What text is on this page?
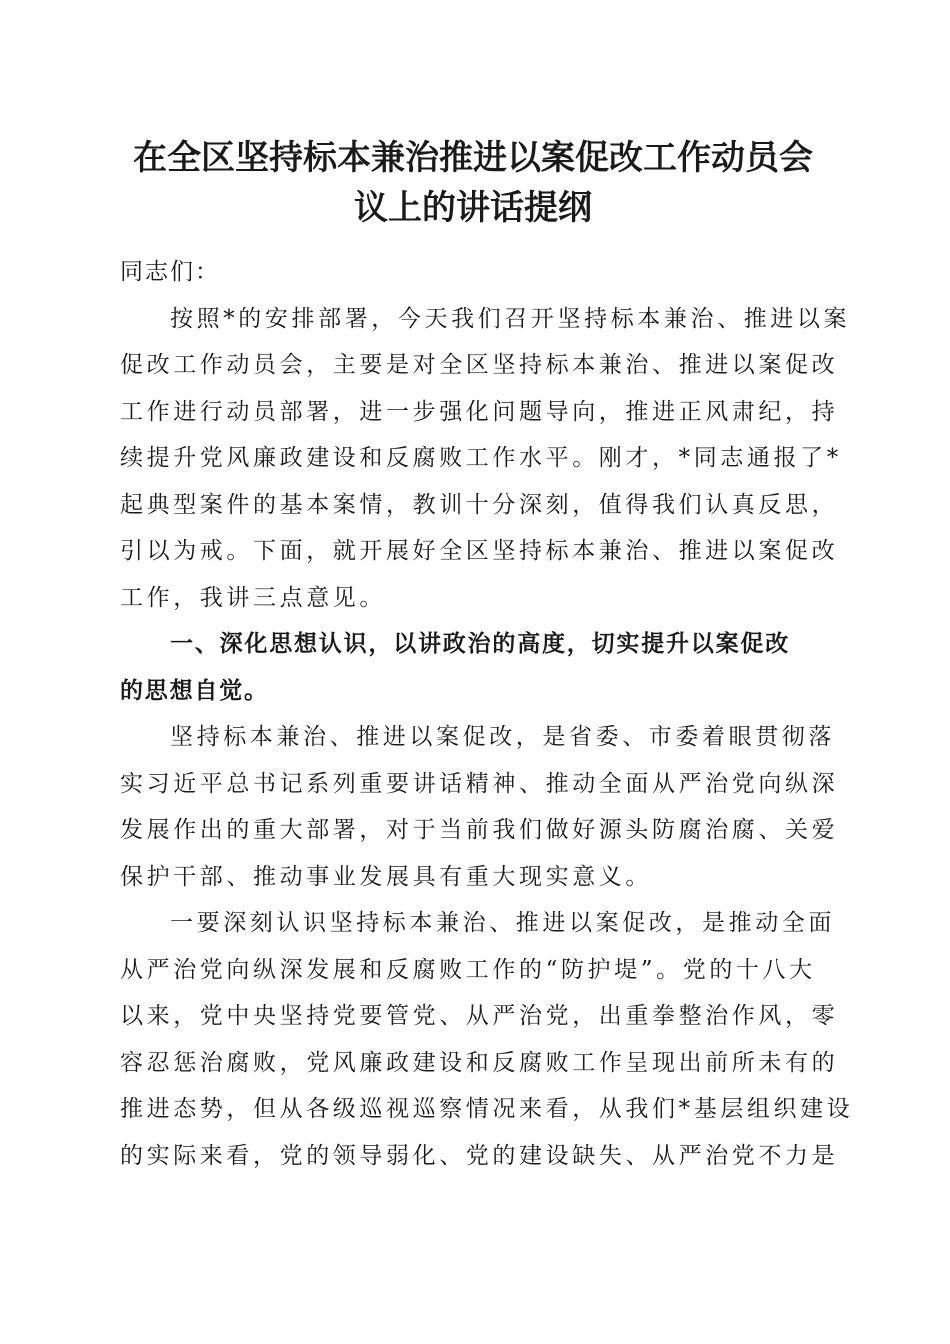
在全区坚持标本兼治推进以案促改工作动员会
议上的讲话提纲

同志们：

按照*的安排部署，今天我们召开坚持标本兼治、推进以案
促改工作动员会，主要是对全区坚持标本兼治、推进以案促改
工作进行动员部署，进一步强化问题导向，推进正风肃纪，持
续提升党风廉政建设和反腐败工作水平。刚才，*同志通报了*
起典型案件的基本案情，教训十分深刻，值得我们认真反思，
引以为戒。下面，就开展好全区坚持标本兼治、推进以案促改
工作，我讲三点意见。

一、深化思想认识，以讲政治的高度，切实提升以案促改
的思想自觉。

坚持标本兼治、推进以案促改，是省委、市委着眼贯彻落
实习近平总书记系列重要讲话精神、推动全面从严治党向纵深
发展作出的重大部署，对于当前我们做好源头防腐治腐、关爱
保护干部、推动事业发展具有重大现实意义。

一要深刻认识坚持标本兼治、推进以案促改，是推动全面
从严治党向纵深发展和反腐败工作的“防护堤”。党的十八大
以来，党中央坚持党要管党、从严治党，出重拳整治作风，零
容忍惩治腐败，党风廉政建设和反腐败工作呈现出前所未有的
推进态势，但从各级巡视巡察情况来看，从我们*基层组织建设
的实际来看，党的领导弱化、党的建设缺失、从严治党不力是
